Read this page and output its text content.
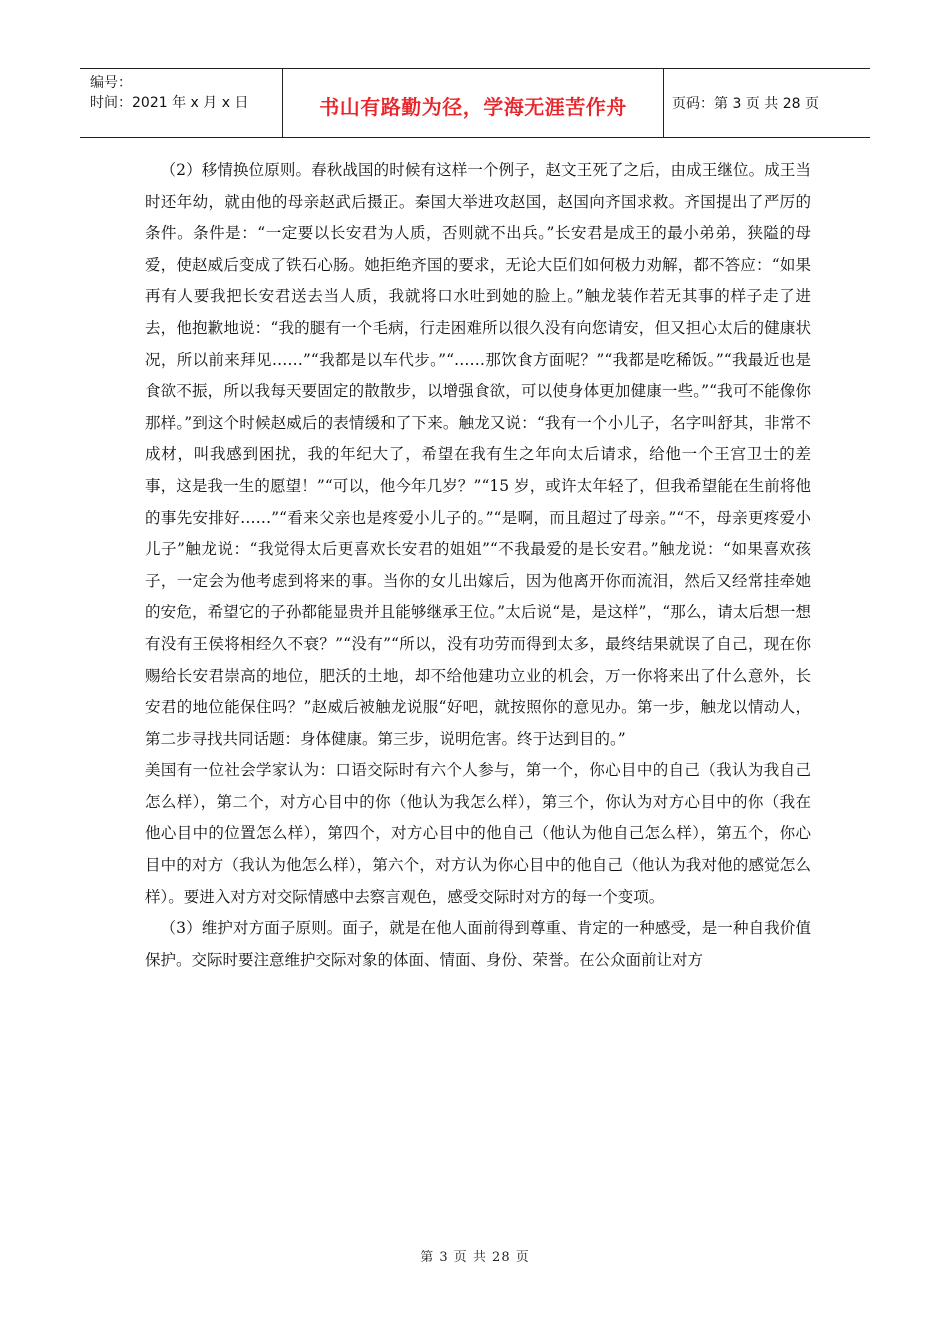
编号：
时间：2021 年 x 月 x 日	书山有路勤为径，学海无涯苦作舟	页码：第 3 页 共 28 页

（2）移情换位原则。春秋战国的时候有这样一个例子，赵文王死了之后，由成王继位。成王当时还年幼，就由他的母亲赵武后摄正。秦国大举进攻赵国，赵国向齐国求救。齐国提出了严厉的条件。条件是：“一定要以长安君为人质，否则就不出兵。”长安君是成王的最小弟弟，狭隘的母爱，使赵威后变成了铁石心肠。她拒绝齐国的要求，无论大臣们如何极力劝解，都不答应：“如果再有人要我把长安君送去当人质，我就将口水吐到她的脸上。”触龙装作若无其事的样子走了进去，他抱歉地说：“我的腿有一个毛病，行走困难所以很久没有向您请安，但又担心太后的健康状况，所以前来拜见……”“我都是以车代步。”“……那饮食方面呢？”“我都是吃稀饭。”“我最近也是食欲不振，所以我每天要固定的散散步，以增强食欲，可以使身体更加健康一些。”“我可不能像你那样。”到这个时候赵威后的表情缓和了下来。触龙又说：“我有一个小儿子，名字叫舒其，非常不成材，叫我感到困扰，我的年纪大了，希望在我有生之年向太后请求，给他一个王宫卫士的差事，这是我一生的愿望！”“可以，他今年几岁？”“15 岁，或许太年轻了，但我希望能在生前将他的事先安排好……”“看来父亲也是疼爱小儿子的。”“是啊，而且超过了母亲。”“不，母亲更疼爱小儿子”触龙说：“我觉得太后更喜欢长安君的姐姐”“不我最爱的是长安君。”触龙说：“如果喜欢孩子，一定会为他考虑到将来的事。当你的女儿出嫁后，因为他离开你而流泪，然后又经常挂牵她的安危，希望它的子孙都能显贵并且能够继承王位。”太后说“是，是这样”，“那么，请太后想一想有没有王侯将相经久不衰？”“没有”“所以，没有功劳而得到太多，最终结果就误了自己，现在你赐给长安君崇高的地位，肥沃的土地，却不给他建功立业的机会，万一你将来出了什么意外，长安君的地位能保住吗？”赵威后被触龙说服“好吧，就按照你的意见办。第一步，触龙以情动人，第二步寻找共同话题：身体健康。第三步，说明危害。终于达到目的。”

美国有一位社会学家认为：口语交际时有六个人参与，第一个，你心目中的自己（我认为我自己怎么样），第二个，对方心目中的你（他认为我怎么样），第三个，你认为对方心目中的你（我在他心目中的位置怎么样），第四个，对方心目中的他自己（他认为他自己怎么样），第五个，你心目中的对方（我认为他怎么样），第六个，对方认为你心目中的他自己（他认为我对他的感觉怎么样）。要进入对方对交际情感中去察言观色，感受交际时对方的每一个变项。

（3）维护对方面子原则。面子，就是在他人面前得到尊重、肯定的一种感受，是一种自我价值保护。交际时要注意维护交际对象的体面、情面、身份、荣誉。在公众面前让对方

第 3 页 共 28 页
